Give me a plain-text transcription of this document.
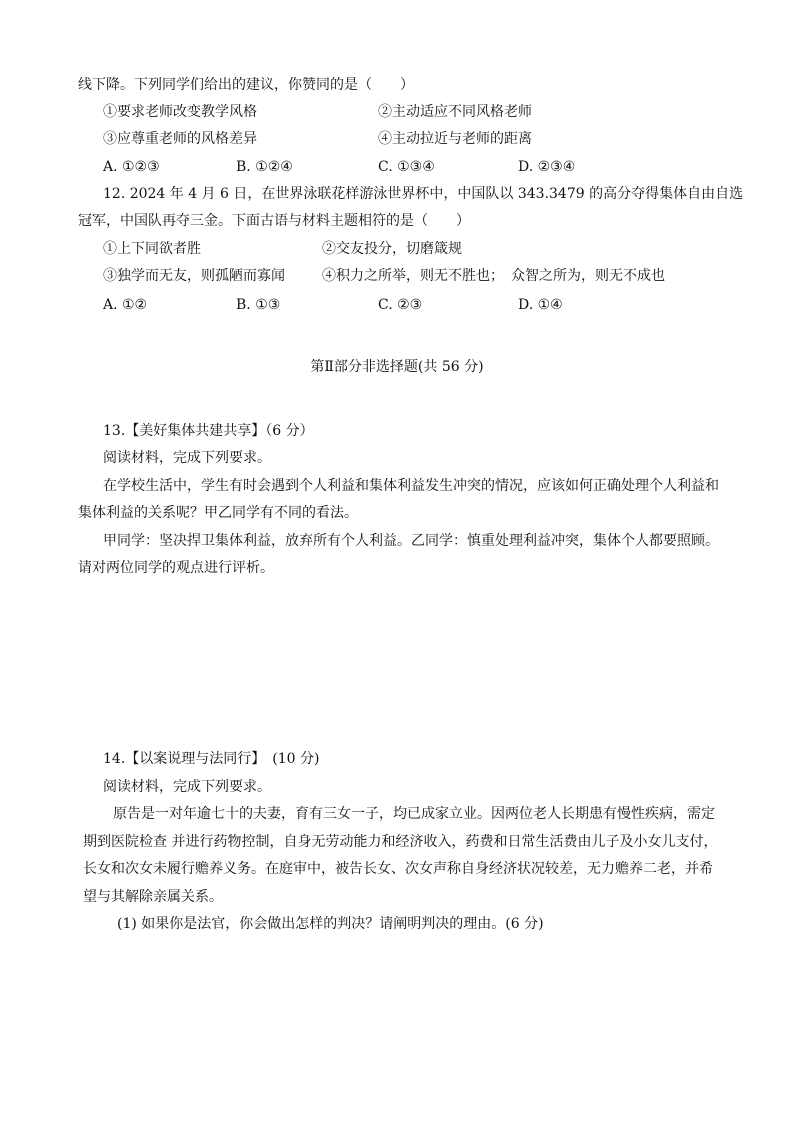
线下降。下列同学们给出的建议，你赞同的是（　　）
①要求老师改变教学风格	②主动适应不同风格老师
③应尊重老师的风格差异	④主动拉近与老师的距离
A. ①②③	B. ①②④	C. ①③④	D. ②③④
12. 2024 年 4 月 6 日，在世界泳联花样游泳世界杯中，中国队以 343.3479 的高分夺得集体自由自选
冠军，中国队再夺三金。下面古语与材料主题相符的是（　　）
①上下同欲者胜	②交友投分，切磨箴规
③独学而无友，则孤陋而寡闻	④积力之所举，则无不胜也；　众智之所为，则无不成也
A. ①②	B. ①③	C. ②③	D. ①④
第Ⅱ部分非选择题(共 56 分)
13.【美好集体共建共享】（6 分）
阅读材料，完成下列要求。
在学校生活中，学生有时会遇到个人利益和集体利益发生冲突的情况，应该如何正确处理个人利益和
集体利益的关系呢？甲乙同学有不同的看法。
甲同学：坚决捍卫集体利益，放弃所有个人利益。乙同学：慎重处理利益冲突，集体个人都要照顾。
请对两位同学的观点进行评析。
14.【以案说理与法同行】　(10 分)
阅读材料，完成下列要求。
原告是一对年逾七十的夫妻，育有三女一子，均已成家立业。因两位老人长期患有慢性疾病，需定
期到医院检查 并进行药物控制，自身无劳动能力和经济收入，药费和日常生活费由儿子及小女儿支付，
长女和次女未履行赡养义务。在庭审中，被告长女、次女声称自身经济状况较差，无力赡养二老，并希
望与其解除亲属关系。
(1) 如果你是法官，你会做出怎样的判决？请阐明判决的理由。(6 分)
